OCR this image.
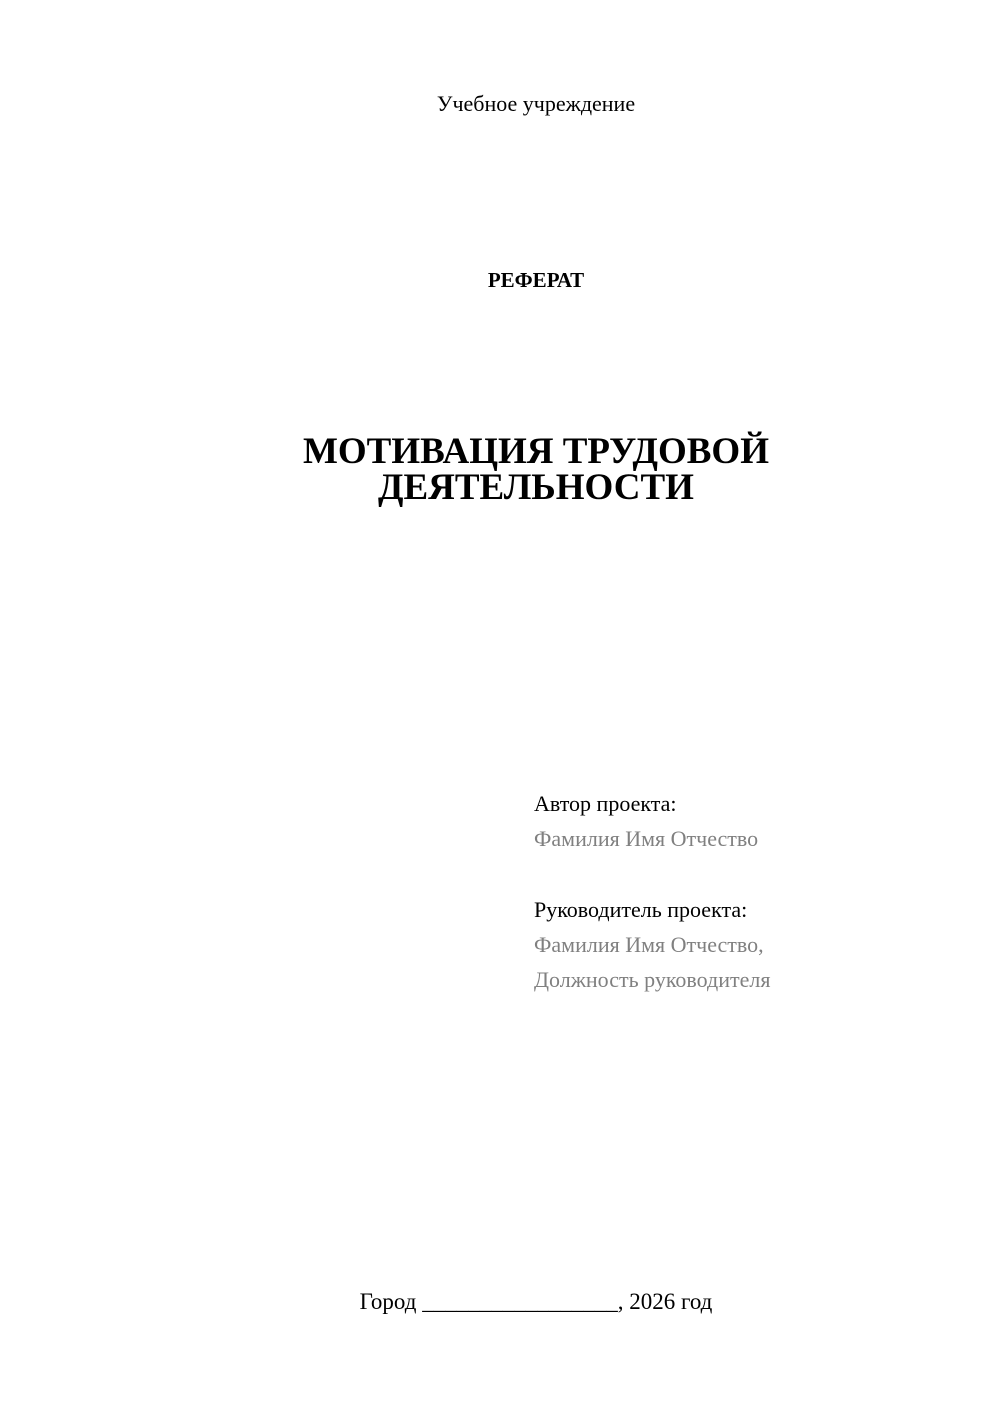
Учебное учреждение
РЕФЕРАТ
МОТИВАЦИЯ ТРУДОВОЙ
ДЕЯТЕЛЬНОСТИ
Автор проекта:
Фамилия Имя Отчество
Руководитель проекта:
Фамилия Имя Отчество,
Должность руководителя
Город _________________, 2026 год
